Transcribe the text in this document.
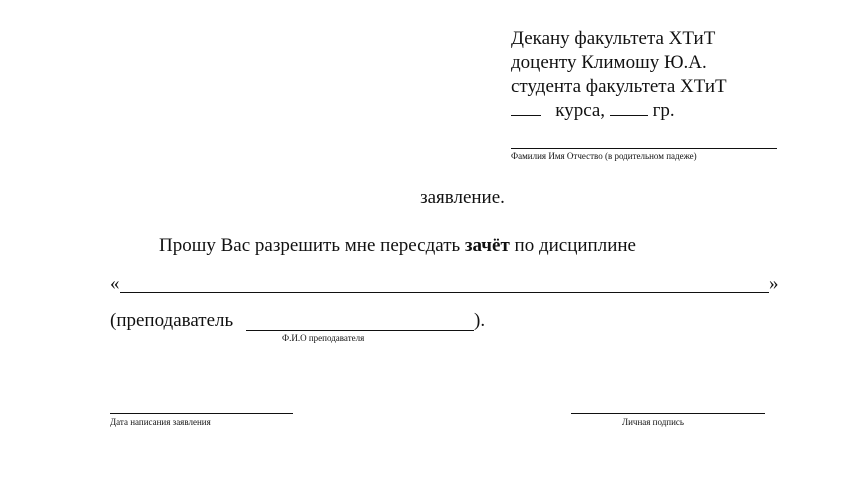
Декану факультета ХТиТ
доценту Климошу Ю.А.
студента факультета ХТиТ
курса,	гр.
Фамилия Имя Отчество (в родительном падеже)
заявление.
Прошу Вас разрешить мне пересдать зачёт по дисциплине
«	»
(преподаватель	).
Ф.И.О преподавателя
Дата написания заявления	Личная подпись
